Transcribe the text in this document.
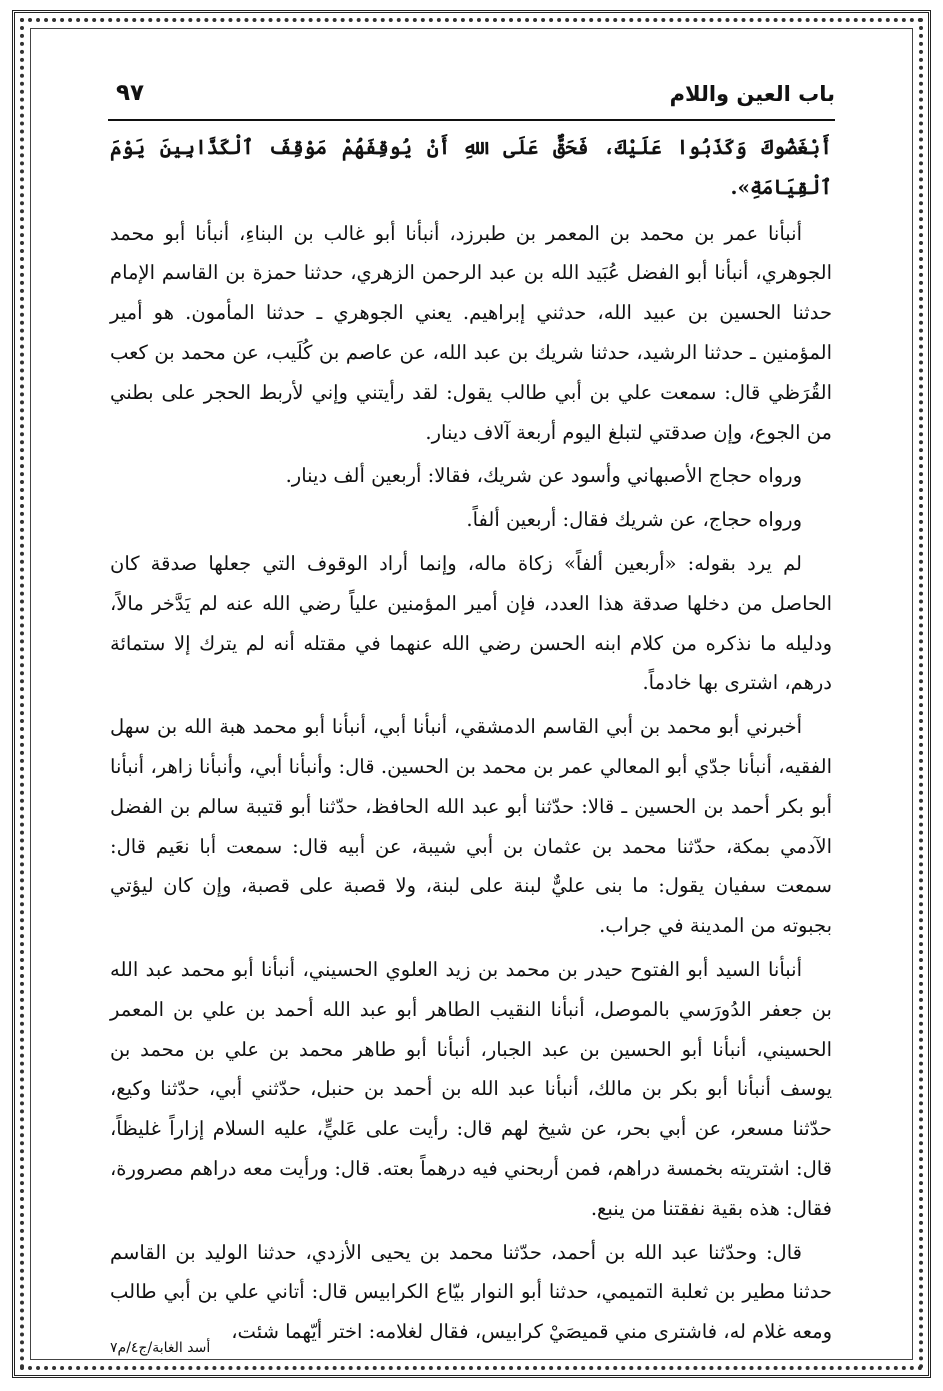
باب العين واللام
٩٧

أَبْغَضُوكَ وَكَذَبُوا عَلَيْكَ، فَحَقٌّ عَلَى اللهِ أَنْ يُوقِفَهُمْ مَوْقِفَ ٱلْكَذَّابِينَ يَوْمَ ٱلْقِيَامَةِ».

أنبأنا عمر بن محمد بن المعمر بن طبرزد، أنبأنا أبو غالب بن البناءِ، أنبأنا أبو محمد الجوهري، أنبأنا أبو الفضل عُبَيد الله بن عبد الرحمن الزهري، حدثنا حمزة بن القاسم الإمام حدثنا الحسين بن عبيد الله، حدثني إبراهيم. يعني الجوهري ـ حدثنا المأمون. هو أمير المؤمنين ـ حدثنا الرشيد، حدثنا شريك بن عبد الله، عن عاصم بن كُلَيب، عن محمد بن كعب القُرَظي قال: سمعت علي بن أبي طالب يقول: لقد رأيتني وإني لأربط الحجر على بطني من الجوع، وإن صدقتي لتبلغ اليوم أربعة آلاف دينار.

ورواه حجاج الأصبهاني وأسود عن شريك، فقالا: أربعين ألف دينار.

ورواه حجاج، عن شريك فقال: أربعين ألفاً.

لم يرد بقوله: «أربعين ألفاً» زكاة ماله، وإنما أراد الوقوف التي جعلها صدقة كان الحاصل من دخلها صدقة هذا العدد، فإن أمير المؤمنين علياً رضي الله عنه لم يَدَّخر مالاً، ودليله ما نذكره من كلام ابنه الحسن رضي الله عنهما في مقتله أنه لم يترك إلا ستمائة درهم، اشترى بها خادماً.

أخبرني أبو محمد بن أبي القاسم الدمشقي، أنبأنا أبي، أنبأنا أبو محمد هبة الله بن سهل الفقيه، أنبأنا جدّي أبو المعالي عمر بن محمد بن الحسين. قال: وأنبأنا أبي، وأنبأنا زاهر، أنبأنا أبو بكر أحمد بن الحسين ـ قالا: حدّثنا أبو عبد الله الحافظ، حدّثنا أبو قتيبة سالم بن الفضل الآدمي بمكة، حدّثنا محمد بن عثمان بن أبي شيبة، عن أبيه قال: سمعت أبا نعَيم قال: سمعت سفيان يقول: ما بنى عليٌّ لبنة على لبنة، ولا قصبة على قصبة، وإن كان ليؤتي بجبوته من المدينة في جراب.

أنبأنا السيد أبو الفتوح حيدر بن محمد بن زيد العلوي الحسيني، أنبأنا أبو محمد عبد الله بن جعفر الدُورَسي بالموصل، أنبأنا النقيب الطاهر أبو عبد الله أحمد بن علي بن المعمر الحسيني، أنبأنا أبو الحسين بن عبد الجبار، أنبأنا أبو طاهر محمد بن علي بن محمد بن يوسف أنبأنا أبو بكر بن مالك، أنبأنا عبد الله بن أحمد بن حنبل، حدّثني أبي، حدّثنا وكيع، حدّثنا مسعر، عن أبي بحر، عن شيخ لهم قال: رأيت على عَليٍّ، عليه السلام إزاراً غليظاً، قال: اشتريته بخمسة دراهم، فمن أربحني فيه درهماً بعته. قال: ورأيت معه دراهم مصرورة، فقال: هذه بقية نفقتنا من ينبع.

قال: وحدّثنا عبد الله بن أحمد، حدّثنا محمد بن يحيى الأزدي، حدثنا الوليد بن القاسم حدثنا مطير بن ثعلبة التميمي، حدثنا أبو النوار بيّاع الكرابيس قال: أتاني علي بن أبي طالب ومعه غلام له، فاشترى مني قميصَيْ كرابيس، فقال لغلامه: اختر أيّهما شئت،

أسد الغابة/ج٤/م٧
